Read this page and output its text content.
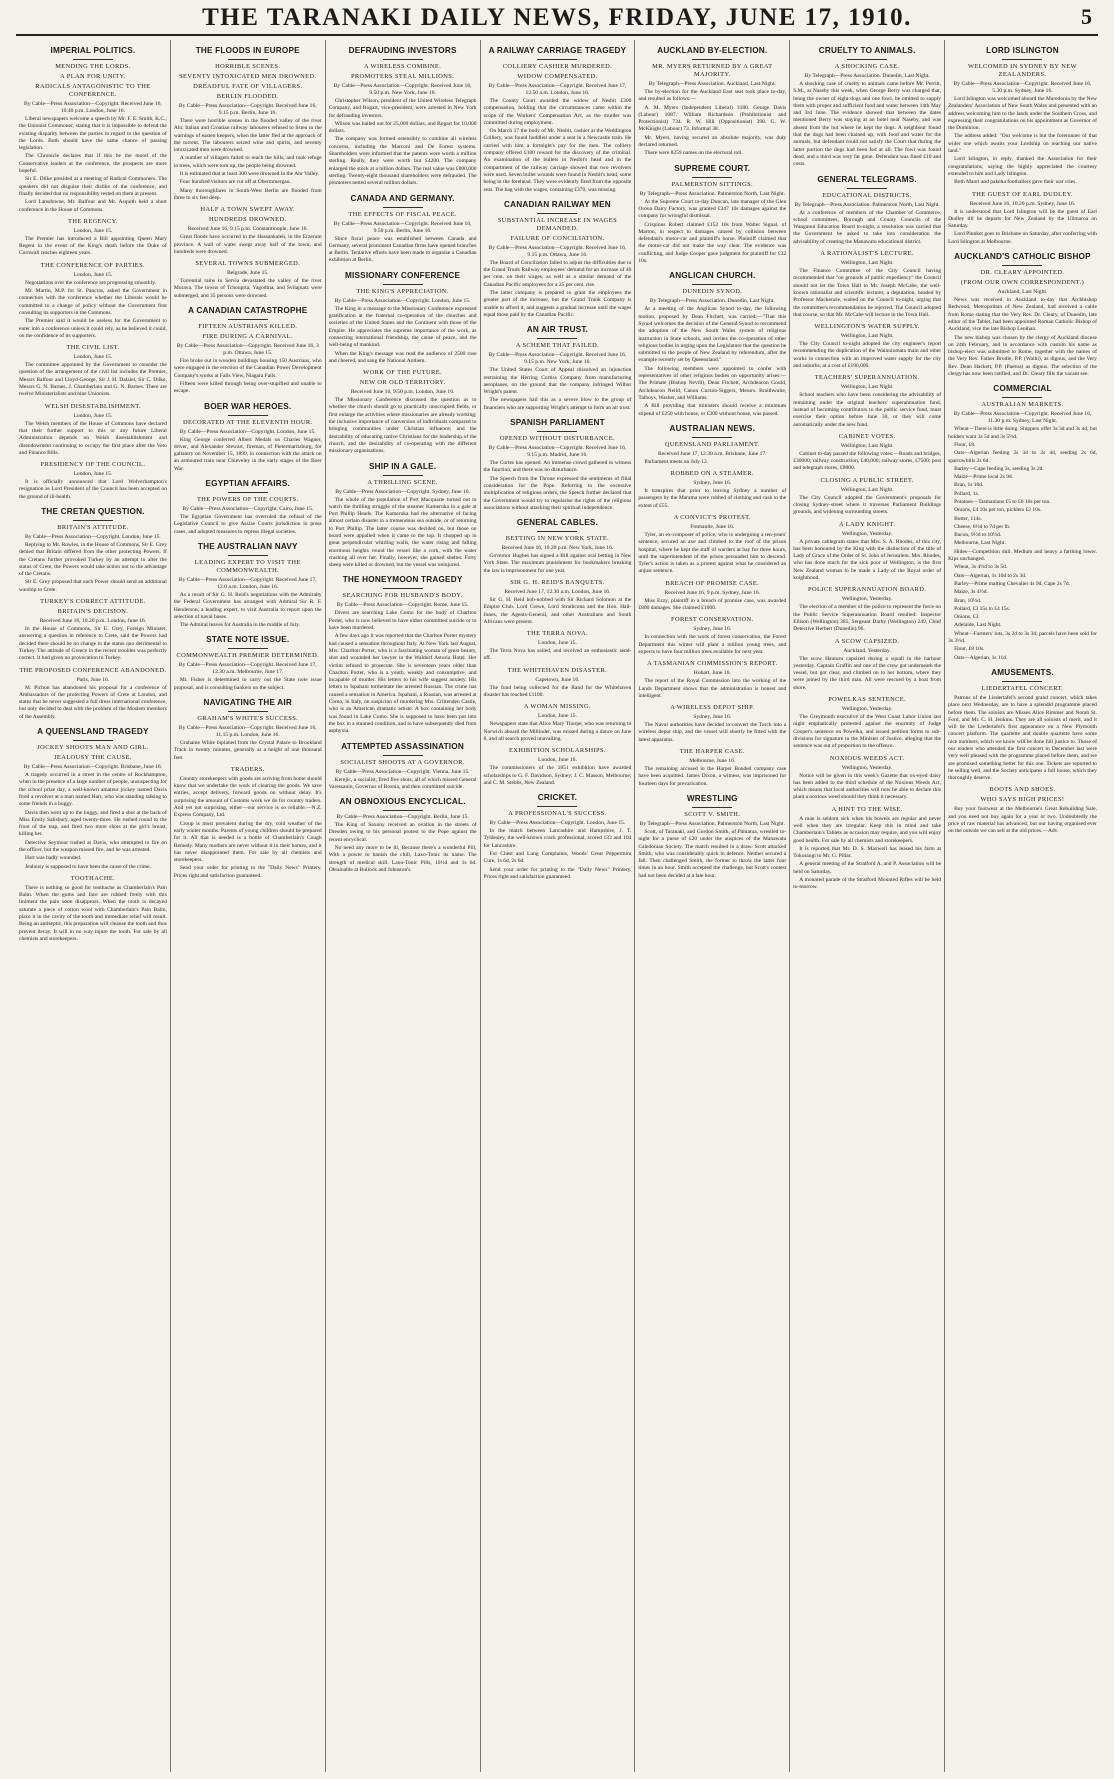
THE TARANAKI DAILY NEWS, FRIDAY, JUNE 17, 1910.	5
IMPERIAL POLITICS.
MENDING THE LORDS.
A PLAN FOR UNITY.
RADICALS ANTAGONISTIC TO THE CONFERENCE.
By Cable—Press Association—Copyright. Received June 16, 10.40 p.m. London, June 16.
Liberal newspapers welcome a speech by Mr. F. E. Smith, K.C., the Unionist Commoner, stating that it is impossible to defend the existing disparity between the parties in regard to the question of the Lords. Both should have the same chance of passing legislation.
The Chronicle declares that if this be the mood of the Conservative leaders at the conference, the prospects are more hopeful.
Sir E. Dilke presided at a meeting of Radical Commoners. The speakers did not disguise their dislike of the conference, and finally decided that no responsibility rested on them at present.
Lord Lansdowne, Mr. Balfour and Mr. Asquith held a short conference in the House of Commons.
THE REGENCY.
London, June 15.
The Premier has introduced a Bill appointing Queen Mary Regent in the event of the King's death before the Duke of Cornwall reaches eighteen years.
THE CONFERENCE OF PARTIES.
London, June 15.
Negotiations over the conference are progressing smoothly.
Mr. Martin, M.P. for St. Pancras, asked the Government in connection with the conference whether the Liberals would be committed to a change of policy without the Government first consulting its supporters in the Commons.
The Premier said it would be useless for the Government to enter into a conference unless it could rely, as he believed it could, on the confidence of its supporters.
THE CIVIL LIST.
London, June 15.
The committee appointed by the Government to consider the question of the arrangement of the civil list includes the Premier, Messrs Balfour and Lloyd-George, Sir J. H. Dalziel, Sir C. Dilke, Messrs G. N. Barnes, J. Chamberlain and G. N. Barnes. There are twelve Ministerialists and nine Unionists.
WELSH DISESTABLISHMENT.
London, June 15.
The Welsh members of the House of Commons have declared that their further support to this or any future Liberal Administration depends on Welsh disestablishment and disendowment continuing to occupy the first place after the Veto and Finance Bills.
PRESIDENCY OF THE COUNCIL.
London, June 15.
It is officially announced that Lord Wolverhampton's resignation as Lord President of the Council has been accepted on the ground of ill-health.
THE CRETAN QUESTION.
BRITAIN'S ATTITUDE.
By Cable—Press Association—Copyright. London, June 15.
Replying to Mr. Rowles, in the House of Commons, Sir E. Grey denied that Britain differed from the other protecting Powers. If the Cretans further provoked Turkey by an attempt to alter the status of Crete, the Powers would take action not to the advantage of the Cretans.
Sir E. Grey proposed that each Power should send an additional warship to Crete.
TURKEY'S CORRECT ATTITUDE.
BRITAIN'S DECISION.
Received June 16, 10.20 p.m. London, June 16.
In the House of Commons, Sir E. Grey, Foreign Minister, answering a question in reference to Crete, said the Powers had decided there should be no change in the status quo detrimental to Turkey. The attitude of Greece in the recent troubles was perfectly correct. It had given no provocation to Turkey.
THE PROPOSED CONFERENCE ABANDONED.
Paris, June 16.
M. Pichon has abandoned his proposal for a conference of Ambassadors of the protecting Powers of Crete at London, and states that he never suggested a full dress international conference, but only decided to deal with the problem of the Moslem members of the Assembly.
A QUEENSLAND TRAGEDY
JOCKEY SHOOTS MAN AND GIRL.
JEALOUSY THE CAUSE.
By Cable—Press Association—Copyright. Brisbane, June 16.
A tragedy occurred in a street in the centre of Rockhampton, when in the presence of a large number of people, unsuspecting for the school prize day, a well-known amateur jockey named Davis fired a revolver at a man named Hart, who was standing talking to some friends in a buggy.
Davis then went up to the buggy, and fired a shot at the back of Miss Emily Salisbury, aged twenty-three. He rushed round to the front of the trap, and fired two more shots at the girl's breast, killing her.
Detective Seymour rushed at Davis, who attempted to fire on the officer, but the weapon missed fire, and he was arrested.
Hart was badly wounded.
Jealousy is supposed to have been the cause of the crime.
TOOTHACHE.
There is nothing so good for toothache as Chamberlain's Pain Balm. When the gums and face are rubbed freely with this liniment the pain soon disappears. When the tooth is decayed saturate a piece of cotton wool with Chamberlain's Pain Balm, place it in the cavity of the tooth and immediate relief will result. Being an antiseptic, this preparation will cleanse the tooth and thus prevent decay. It will in no way injure the tooth. For sale by all chemists and storekeepers.
THE FLOODS IN EUROPE
HORRIBLE SCENES.
SEVENTY INTOXICATED MEN DROWNED.
DREADFUL FATE OF VILLAGERS.
BERLIN FLOODED.
By Cable—Press Association—Copyright. Received June 16, 9.15 p.m. Berlin, June 16.
There were horrible scenes in the flooded valley of the river Ahr. Italian and Croatian railway labourers refused to listen to the warnings of easten keepers, when the latter fled at the approach of the torrent. The labourers seized wine and spirits, and seventy intoxicated men were drowned.
A number of villagers failed to reach the hills, and took refuge in trees, which were torn up, the people being drowned.
It is estimated that at least 300 were drowned in the Ahr Valley.
Four hundred visitors are cut off at Obermmergau.
Many thoroughfares in South-West Berlin are flooded from three to six feet deep.
HALF A TOWN SWEPT AWAY.
HUNDREDS DROWNED.
Received June 16, 9.15 p.m. Constantinople, June 16.
Great floods have occurred in the Hassankaleh, in the Erzerum province. A wall of water swept away half of the town, and hundreds were drowned.
SEVERAL TOWNS SUBMERGED.
Belgrade, June 15.
Torrential rains in Servia devastated the valley of the river Morava. The towns of Tchoupria, Yagodina, and Svilajnatz were submerged, and 35 persons were drowned.
A CANADIAN CATASTROPHE
FIFTEEN AUSTRIANS KILLED.
FIRE DURING A CARNIVAL.
By Cable—Press Association—Copyright. Received June 16, 3 p.m. Ottawa, June 15.
Fire broke out in wooden buildings housing 150 Austrians, who were engaged in the erection of the Canadian Power Development Company's works at Falls View, Niagara Falls.
Fifteen were killed through being over-stupified and unable to escape.
BOER WAR HEROES.
DECORATED AT THE ELEVENTH HOUR.
By Cable—Press Association—Copyright. London, June 15.
King George conferred Albert Medals on Charles Wagner, driver, and Alexander Stewart, fireman, of Pietermaritzburg, for gallantry on November 15, 1899, in connection with the attack on an armoured train near Chieveley in the early stages of the Boer War.
EGYPTIAN AFFAIRS.
THE POWERS OF THE COURTS.
By Cable—Press Association—Copyright. Cairo, June 15.
The Egyptian Government has overruled the refusal of the Legislative Council to give Assize Courts jurisdiction in press cases, and adopted measures to repress illegal societies.
THE AUSTRALIAN NAVY
LEADING EXPERT TO VISIT THE COMMONWEALTH.
By Cable—Press Association—Copyright. Received June 17, 12.0 a.m. London, June 16.
As a result of Sir G. H. Reid's negotiations with the Admiralty the Federal Government has arranged with Admiral Sir R. F. Henderson, a leading expert, to visit Australia to report upon the selection of naval bases.
The Admiral leaves for Australia in the middle of July.
STATE NOTE ISSUE.
COMMONWEALTH PREMIER DETERMINED.
By Cable—Press Association—Copyright. Received June 17, 12.30 a.m. Melbourne, June 17.
Mr. Fisher is determined to carry out the State note issue proposal, and is consulting bankers on the subject.
NAVIGATING THE AIR
GRAHAM'S WHITE'S SUCCESS.
By Cable—Press Association—Copyright. Received June 16, 11.15 p.m. London, June 16.
Grahame White biplaned from the Crystal Palace to Brookland Track in twenty minutes, generally at a height of one thousand feet.
TRADERS.
Country storekeepers with goods are arriving from home should know that we undertake the work of clearing the goods. We save entries, accept delivery, forward goods on without delay. It's surprising the amount of Customs work we do for country traders. And yet not surprising, either—our service is so reliable.—N.Z. Express Company, Ltd.
Croup is most prevalent during the dry, cold weather of the early winter months. Parents of young children should be prepared for it. All that is needed is a bottle of Chamberlain's Cough Remedy. Many mothers are never without it in their homes, and it has never disappointed them. For sale by all chemists and storekeepers.
Send your order for printing to the "Daily News" Printery. Prices right and satisfaction guaranteed.
DEFRAUDING INVESTORS
A WIRELESS COMBINE.
PROMOTERS STEAL MILLIONS.
By Cable—Press Association—Copyright. Received June 16, 9.50 p.m. New York, June 16.
Christopher Wilson, president of the United Wireless Telegraph Company, and Bogart, vice-president, were arrested in New York for defrauding investors.
Wilson was bailed out for 25,000 dollars, and Bogart for 10,000 dollars.
The company was formed ostensibly to combine all wireless concerns, including the Marconi and De Forest systems. Shareholders were informed that the patents were worth a million sterling. Really, they were worth but £4200. The company enlarged the stock at a billion dollars. The real value was £800,000 sterling. Twenty-eight thousand shareholders were defrauded. The promoters netted several million dollars.
CANADA AND GERMANY.
THE EFFECTS OF FISCAL PEACE.
By Cable—Press Association—Copyright. Received June 16, 9.50 p.m. Berlin, June 16.
Since fiscal peace was established between Canada and Germany, several prominent Canadian firms have opened branches at Berlin. Tentative efforts have been made to organise a Canadian exhibition at Berlin.
MISSIONARY CONFERENCE
THE KING'S APPRECIATION.
By Cable—Press Association—Copyright. London, June 15.
The King in a message to the Missionary Conference expressed gratification at the fraternal co-operation of the churches and societies of the United States and the Continent with those of the Empire. He appreciates the supreme importance of the work, as connecting international friendship, the cause of peace, and the well-being of mankind.
When the King's message was read the audience of 2500 rose and cheered, and sang the National Anthem.
WORK OF THE FUTURE.
NEW OR OLD TERRITORY.
Received June 16, 9.50 p.m. London, June 16.
The Missionary Conference discussed the question as to whether the church should go to practically unoccupied fields, or first enlarge the activities where missionaries are already working; the inclusive importance of conversion of individuals compared to bringing communities under Christian influence; and the desirability of educating native Christians for the leadership of the church, and the desirability of co-operating with the different missionary organisations.
SHIP IN A GALE.
A THRILLING SCENE.
By Cable—Press Association—Copyright. Sydney, June 16.
The whole of the population of Port Macquarie turned out to watch the thrilling struggle of the steamer Kameruka in a gale at Port Phillip Heads. The Kameruka had the alternative of facing almost certain disaster in a tremendous sea outside, or of returning to Port Phillip. The latter course was decided on, but those on board were appalled when it came to the top. It chopped up in great perpendicular whirling walls, the water rising and falling enormous heights round the vessel like a cork, with the water crashing all over her. Finally, however, she gained shelter. Forty sheep were killed or drowned, but the vessel was uninjured.
THE HONEYMOON TRAGEDY
SEARCHING FOR HUSBAND'S BODY.
By Cable—Press Association—Copyright. Rome, June 15.
Divers are searching Lake Como for the body of Charlton Porter, who is now believed to have either committed suicide or to have been murdered.
A few days ago it was reported that the Charlton Porter mystery had caused a sensation throughout Italy. At New York last August, Mrs. Charlton Porter, who is a fascinating woman of great beauty, shot and wounded her lawyer in the Waldorf Astoria Hotel. Her victim refused to prosecute. She is seventeen years older than Charlton Porter, who is a youth, weakly and consumptive, and incapable of murder. His letters to his wife suggest anxiety. His letters to Ispahani tormentate the arrested Russian. The crime has caused a sensation in America. Ispahani, a Russian, was arrested at Como, in Italy, on suspicion of murdering Mrs. Crittenden Castle, who is an American dramatic artiste. A box containing her body was found in Lake Como. She is supposed to have been put into the box in a stunned condition, and to have subsequently died from asphyxia.
ATTEMPTED ASSASSINATION
SOCIALIST SHOOTS AT A GOVERNOR.
By Cable—Press Association—Copyright. Vienna, June 15.
Kerejic, a socialist, fired five shots, all of which missed General Varessanin, Governor of Bosnia, and then committed suicide.
AN OBNOXIOUS ENCYCLICAL.
By Cable—Press Association—Copyright. Berlin, June 15.
The King of Saxony received an ovation in the streets of Dresden owing to his personal protest to the Pope against the recent encyclical.
No need any more to be ill, Because there's a wonderful Pill, With a power to banish the chill, Laxo-Tonic its name. The strength of medical skill. Laxo-Tonic Pills, 10½d and 1s 6d. Obtainable at Bullock and Johnston's.
A RAILWAY CARRIAGE TRAGEDY
COLLIERY CASHIER MURDERED.
WIDOW COMPENSATED.
By Cable—Press Association—Copyright. Received June 17, 12.50 a.m. London, June 16.
The County Court awarded the widow of Nesbit £300 compensation, holding that the circumstances came within the scope of the Workers' Compensation Act, as the murder was committed during employment.
On March 17 the body of Mr. Nesbit, cashier at the Weddington Colliery, was found huddled under a seat in a Newcastle train. He carried with him a fortnight's pay for the men. The colliery company offered £100 reward for the discovery of the criminal. An examination of the bullets in Nesbit's head and in the compartment of the railway carriage showed that two revolvers were used. Seven bullet wounds were found in Nesbit's head, some being in the forehead. They were evidently fired from the opposite seat. The bag with the wages, containing £370, was missing.
CANADIAN RAILWAY MEN
SUBSTANTIAL INCREASE IN WAGES DEMANDED.
FAILURE OF CONCILIATION.
By Cable—Press Association—Copyright. Received June 16, 9.15 p.m. Ottawa, June 16.
The Board of Conciliation failed to adjust the difficulties due to the Grand Trunk Railway employees' demand for an increase of 40 per cent. on their wages, as well as a similar demand of the Canadian Pacific employees for a 25 per cent. rise.
The latter company is prepared to grant the employees the greater part of the increase, but the Grand Trunk Company is unable to afford it, and suggests a gradual increase until the wages equal those paid by the Canadian Pacific.
AN AIR TRUST.
A SCHEME THAT FAILED.
By Cable—Press Association—Copyright. Received June 16, 9.15 p.m. New York, June 16.
The United States Court of Appeal dissolved an injunction restraining the Herring Curtiss Company from manufacturing aeroplanes, on the ground that the company infringed Wilbur Wright's patent.
The newspapers hail this as a severe blow to the group of financiers who are supporting Wright's attempt to form an air trust.
SPANISH PARLIAMENT
OPENED WITHOUT DISTURBANCE.
By Cable—Press Association—Copyright. Received June 16, 9.15 p.m. Madrid, June 16.
The Cortes has opened. An immense crowd gathered to witness the function, and there was no disturbance.
The Speech from the Throne expressed the sentiments of filial consideration for the Pope. Referring to the excessive multiplication of religious orders, the Speech further declared that the Government would try to regularise the rights of the religious associations without attacking their spiritual independence.
GENERAL CABLES.
BETTING IN NEW YORK STATE.
Received June 16, 10.20 p.m. New York, June 16.
Governor Hughes has signed a Bill against oral betting in New York State. The maximum punishment for bookmakers breaking the law is imprisonment for one year.
SIR G. H. REID'S BANQUETS.
Received June 17, 12.30 a.m. London, June 16.
Sir G. H. Reid hob-nobbed with Sir Richard Solomon at the Empire Club. Lord Crewe, Lord Strathcona and the Hon. Hall-Jones, the Agents-General, and other Australians and South Africans were present.
THE TERRA NOVA.
London, June 15.
The Terra Nova has sailed, and received an enthusiastic send-off.
THE WHITEHAVEN DISASTER.
Capetown, June 16.
The fund being collected for the Rand for the Whitehaven disaster has reached £1100.
A WOMAN MISSING.
London, June 15.
Newspapers state that Alice Mary Thorpe, who was returning to Norwich aboard the Millinder, was missed during a dance on June 8, and all search proved unavailing.
EXHIBITION SCHOLARSHIPS.
London, June 16.
The commissioners of the 1851 exhibition have awarded scholarships to G. F. Davidson, Sydney; J. C. Masson, Melbourne; and C. M. Stebbs, New Zealand.
CRICKET.
A PROFESSIONAL'S SUCCESS.
By Cable—Press Association—Copyright. London, June 15.
In the match between Lancashire and Hampshire, J. T. Tyldesley, the well-known crack professional, scored 133 and 104 for Lancashire.
For Chest and Lung Complaints, Woods' Great Peppermint Cure, 1s 6d, 2s 6d.
Send your order for printing to the "Daily News" Printery. Prices right and satisfaction guaranteed.
AUCKLAND BY-ELECTION.
MR. MYERS RETURNED BY A GREAT MAJORITY.
By Telegraph—Press Association. Auckland, Last Night.
The by-election for the Auckland East seat took place to-day, and resulted as follows:—
A. M. Myers (Independent Liberal) 3180. George Davis (Labour) 1087. William Richardson (Prohibitionist and Protectionist) 734. R. W. Hill (Oppositionist) 398. G. W. McKnight (Labour) 73. Informal 38.
Mr. Myers, having secured an absolute majority, was duly declared returned.
There were 8259 names on the electoral roll.
SUPREME COURT.
PALMERSTON SITTINGS.
By Telegraph—Press Association. Palmerston North, Last Night.
At the Supreme Court to-day Duncan, late manager of the Glen Oroua Dairy Factory, was granted £347 10s damages against the company for wrongful dismissal.
Crispinus Robert claimed £152 10s from Walter Signal, of Marton, in respect to damages caused by collision between defendant's motor-car and plaintiff's horse. Plaintiff claimed that the motor-car did not make the way clear. The evidence was conflicting, and Judge Cooper gave judgment for plaintiff for £32 10s.
ANGLICAN CHURCH.
DUNEDIN SYNOD.
By Telegraph—Press Association. Dunedin, Last Night.
At a meeting of the Anglican Synod to-day, the following motion, proposed by Dean Fitchett, was carried:—"That this Synod welcomes the decision of the General Synod to recommend the adoption of the New South Wales system of religious instruction in State schools, and invites the co-operation of other religious bodies in urging upon the Legislature that the question be submitted to the people of New Zealand by referendum, after the example recently set by Queensland."
The following members were appointed to confer with representatives of other religious bodies on opportunity arises:—The Primate (Bishop Nevill), Dean Fitchett, Archdeacon Gould, Archdeacon Neild, Canon Curzon-Siggers, Messrs. Braithwaite, Talboys, Washer, and Williams.
A Bill providing that ministers should receive a minimum stipend of £250 with house, or £300 without house, was passed.
AUSTRALIAN NEWS.
QUEENSLAND PARLIAMENT.
Received June 17, 12.30 a.m. Brisbane, June 17.
Parliament meets on July 12.
ROBBED ON A STEAMER.
Sydney, June 16.
It transpires that prior to leaving Sydney a number of passengers by the Marama were robbed of clothing and cash to the extent of £55.
A CONVICT'S PROTEST.
Fremantle, June 16.
Tyler, an ex-composer of police, who is undergoing a ten-years' sentence, secured an axe and climbed to the roof of the prison hospital, where he kept the staff of warders at bay for three hours, until the superintendent of the prison persuaded him to descend. Tyler's action is taken as a protest against what he considered an unjust sentence.
BREACH OF PROMISE CASE.
Received June 16, 9 p.m. Sydney, June 16.
Miss Ezzy, plaintiff in a breach of promise case, was awarded £800 damages. She claimed £1000.
FOREST CONSERVATION.
Sydney, June 16.
In connection with the work of forest conservation, the Forest Department this winter will plant a million young trees, and expects to have four million trees available for next year.
A TASMANIAN COMMISSION'S REPORT.
Hobart, June 16.
The report of the Royal Commission into the working of the Lands Department shows that the administration is honest and intelligent.
A WIRELESS DEPOT SHIP.
Sydney, June 16.
The Naval authorities have decided to convert the Torch into a wireless depot ship, and the vessel will shortly be fitted with the latest apparatus.
THE HARPER CASE.
Melbourne, June 16.
The remaining accused in the Harper Bonded company case have been acquitted. James Dixon, a witness, was imprisoned for fourteen days for prevarication.
WRESTLING
SCOTT V. SMITH.
By Telegraph—Press Association. Palmerston North, Last Night.
Scott, of Taranaki, and Gordon Smith, of Pahiatua, wrestled to-night for a purse of £20 under the auspices of the Manawatu Caledonian Society. The match resulted in a draw. Scott attacked Smith, who was considerably quick in defence. Neither secured a fall. Then challenged Smith, the former to throw the latter four times in an hour. Smith accepted the challenge, but Scott's contest had not been decided at a late hour.
CRUELTY TO ANIMALS.
A SHOCKING CASE.
By Telegraph—Press Association. Dunedin, Last Night.
A shocking case of cruelty to animals came before Mr. Perritt, S.M., at Naseby this week, when George Berry was charged that, being the owner of eight dogs and one fowl, he omitted to supply them with proper and sufficient food and water between 14th May and 3rd June. The evidence showed that between the dates mentioned Berry was staying at an hotel near Naseby, and was absent from the hut where he kept the dogs. A neighbour found that the dogs had been chained up, with food and water for the animals, but defendant could not satisfy the Court that during the latter portion the dogs had been fed at all. The fowl was found dead, and a third was very far gone. Defendant was fined £10 and costs.
GENERAL TELEGRAMS.
EDUCATIONAL DISTRICTS.
By Telegraph—Press Association. Palmerston North, Last Night.
At a conference of members of the Chamber of Commerce, school committees, Borough and County Councils of the Wanganui Education Board to-night, a resolution was carried that the Government be asked to take into consideration the advisability of creating the Manawatu educational district.
A RATIONALIST'S LECTURE.
Wellington, Last Night.
The Finance Committee of the City Council having recommended that "on grounds of public expediency" the Council should not let the Town Hall to Mr. Joseph McCabe, the well-known rationalist and scientific lecturer, a deputation, headed by Professor Mackenzie, waited on the Council to-night, urging that the committee's recommendation be rejected. The Council adopted that course, so that Mr. McCabe will lecture in the Town Hall.
WELLINGTON'S WATER SUPPLY.
Wellington, Last Night.
The City Council to-night adopted the city engineer's report recommending the duplication of the Wainuiomata main and other works in connection with an improved water supply for the city and suburbs, at a cost of £190,000.
TEACHERS' SUPERANNUATION.
Wellington, Last Night.
School teachers who have been considering the advisability of remaining under the original teachers' superannuation fund, instead of becoming contributors to the public service fund, must exercise their option before June 30, or they will come automatically under the new fund.
CABINET VOTES.
Wellington, Last Night.
Cabinet to-day passed the following votes:—Roads and bridges, £30000; railway construction, £40,000; railway stores, £7500; post and telegraph stores, £8000.
CLOSING A PUBLIC STREET.
Wellington, Last Night.
The City Council adopted the Government's proposals for closing Sydney-street where it traverses Parliament Buildings grounds, and widening surrounding streets.
A LADY KNIGHT.
Wellington, Yesterday.
A private cablegram states that Mrs. S. A. Rhodes, of this city, has been honoured by the King with the distinction of the title of Lady of Grace of the Order of St. John of Jerusalem. Mrs. Rhodes, who has done much for the sick poor of Wellington, is the first New Zealand woman to be made a Lady of the Royal order of knighthood.
POLICE SUPERANNUATION BOARD.
Wellington, Yesterday.
The election of a member of the police to represent the force on the Public Service Superannuation Board resulted: Inspector Ellison (Wellington) 385, Sergeant Darby (Wellington) 249, Chief Detective Herbert (Dunedin) 96.
A SCOW CAPSIZED.
Auckland, Yesterday.
The scow Hauturu capsized during a squall in the harbour yesterday. Captain Graffin and one of the crew got underneath the vessel, but got clear, and climbed on to her bottom, where they were joined by the third man. All were rescued by a boat from shore.
POWELKAS SENTENCE.
Wellington, Yesterday.
The Greymouth executive of the West Coast Labor Union last night emphatically protested against the enormity of Judge Cooper's sentence on Powelka, and issued petition forms to sub-divisions for signature to the Minister of Justice, alleging that the sentence was out of proportion to the offence.
NOXIOUS WEEDS ACT.
Wellington, Yesterday.
Notice will be given in this week's Gazette that ox-eyed daisy has been added to the third schedule of the Noxious Weeds Act, which means that local authorities will now be able to declare this plant a noxious weed should they think it necessary.
A HINT TO THE WISE.
A man is seldom sick when his bowels are regular and never well when they are irregular. Keep this in mind and take Chamberlain's Tablets as occasion may require, and you will enjoy good health. For sale by all chemists and storekeepers.
It is reported that Mr. D. S. Maxwell has leased his farm at Tokorangi to Mr. G. Pillar.
A general meeting of the Stratford A. and P. Association will be held on Saturday.
A mounted parade of the Stratford Mounted Rifles will be held to-morrow.
LORD ISLINGTON
WELCOMED IN SYDNEY BY NEW ZEALANDERS.
By Cable—Press Association—Copyright. Received June 16, 5.30 p.m. Sydney, June 16.
Lord Islington was welcomed aboard the Maredonia by the New Zealanders' Association of New South Wales and presented with an address welcoming him to the lands under the Southern Cross, and expressing their congratulations on his appointment as Governor of the Dominion.
The address added: "Our welcome is but the forerunner of that wider one which awaits your Lordship on reaching our native land."
Lord Islington, in reply, thanked the Association for their congratulations, saying the highly appreciated the courtesy extended to him and Lady Islington.
Both Maori and pakeha footballers gave their war cries.
THE GUEST OF EARL DUDLEY.
Received June 16, 10.20 p.m. Sydney, June 16.
It is understood that Lord Islington will be the guest of Earl Dudley till he departs for New Zealand by the Ulimaroa on Saturday.
Lord Plunket goes to Brisbane on Saturday, after conferring with Lord Islington at Melbourne.
AUCKLAND'S CATHOLIC BISHOP
DR. CLEARY APPOINTED.
(FROM OUR OWN CORRESPONDENT.)
Auckland, Last Night.
News was received in Auckland to-day that Archbishop Redwood, Metropolitan of New Zealand, had received a cable from Rome stating that the Very Rev. Dr. Cleary, of Dunedin, late editor of the Tablet, had been appointed Roman Catholic Bishop of Auckland, vice the late Bishop Lenihan.
The new bishop was chosen by the clergy of Auckland diocese on 24th February, and in accordance with custom his name as bishop-elect was submitted to Rome, together with the names of the Very Rev. Father Brodie, P.P. (Waihi), as dignus, and the Very Rev. Dean Hackett, P.P. (Paeroa) as dignus. The selection of the clergy has now been ratified, and Dr. Cleary fills the vacant see.
COMMERCIAL
AUSTRALIAN MARKETS.
By Cable—Press Association—Copyright. Received June 16, 11.30 p.m. Sydney, Last Night.
Wheat—There is little doing. Shippers offer 3s 3d and 3s 4d, but holders want 3s 5d and 3s 5½d.
Flour, £8.
Oats—Algerian feeding 2s 3d to 2s 4d, seeding 2s 6d, sparrowbills 2s 6d.
Barley—Cape feeding 3s, seeding 3s 2d.
Maize—Prime local 2s 9d.
Bran, 1s 10d.
Pollard, 1s.
Potatoes—Tasmanians £5 to £6 10s per ton.
Onions, £4 10s per ton, picklers £2 10s.
Butter, 114s.
Cheese, 6½d to 7d per lb.
Bacon, 9½d to 10½d.
Melbourne, Last Night.
Hides—Competition dull. Medium and heavy a farthing lower. Kips unchanged.
Wheat, 3s 4½d to 3s 5d.
Oats—Algerian, 1s 10d to 2s 3d.
Barley—Prime malting Chevalier 4s 9d, Cape 2s 7d.
Maize, 3s 4½d.
Bran, 10½d.
Pollard, £3 15s to £4 15s.
Onions, £3.
Adelaide, Last Night.
Wheat—Farmers' lots, 3s 2d to 3s 3d; parcels have been sold for 3s 3½d.
Flour, £8 10s.
Oats—Algerian, 1s 11d.
AMUSEMENTS.
LIEDERTAFEL CONCERT.
Patrons of the Liedertafel's second grand concert, which takes place next Wednesday, are to have a splendid programme placed before them. The soloists are Misses Alice Rimmer and Norah St. Ford, and Mr. C. H. Jenkins. They are all soloists of merit, and it will be the Liedertafel's first appearance on a New Plymouth concert platform. The quartette and double quartette have some nice numbers, which we know will be done full justice to. Those of our readers who attended the first concert in December last were very well pleased with the programme placed before them, and we are promised something better for this one. Tickets are reported to be selling well, and the Society anticipates a full house, which they thoroughly deserve.
BOOTS AND SHOES.
WHO SAYS HIGH PRICES!
Buy your footwear at the Melbourne's Great Rebuilding Sale, and you need not buy again for a year or two. Undoubtedly the price of raw material has advanced, but our having organised ever on the outside we can sell at the old prices.—Adv.
